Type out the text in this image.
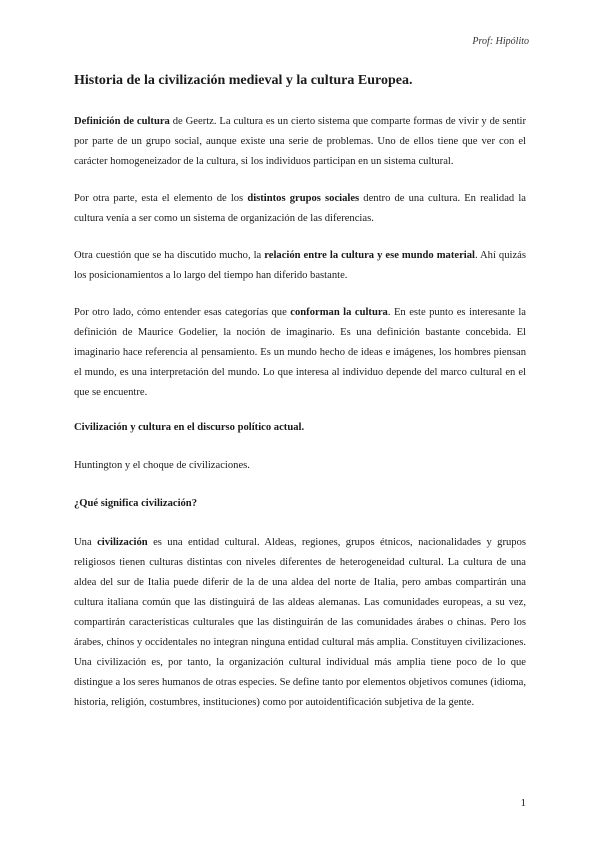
Prof: Hipólito
Historia de la civilización medieval y la cultura Europea.

Definición de cultura de Geertz. La cultura es un cierto sistema que comparte formas de vivir y de sentir por parte de un grupo social, aunque existe una serie de problemas. Uno de ellos tiene que ver con el carácter homogeneizador de la cultura, si los individuos participan en un sistema cultural.

Por otra parte, esta el elemento de los distintos grupos sociales dentro de una cultura. En realidad la cultura venía a ser como un sistema de organización de las diferencias.

Otra cuestión que se ha discutido mucho, la relación entre la cultura y ese mundo material. Ahí quizás los posicionamientos a lo largo del tiempo han diferido bastante.

Por otro lado, cómo entender esas categorías que conforman la cultura. En este punto es interesante la definición de Maurice Godelier, la noción de imaginario. Es una definición bastante concebida. El imaginario hace referencia al pensamiento. Es un mundo hecho de ideas e imágenes, los hombres piensan el mundo, es una interpretación del mundo. Lo que interesa al individuo depende del marco cultural en el que se encuentre.

Civilización y cultura en el discurso político actual.

Huntington y el choque de civilizaciones.

¿Qué significa civilización?

Una civilización es una entidad cultural. Aldeas, regiones, grupos étnicos, nacionalidades y grupos religiosos tienen culturas distintas con niveles diferentes de heterogeneidad cultural. La cultura de una aldea del sur de Italia puede diferir de la de una aldea del norte de Italia, pero ambas compartirán una cultura italiana común que las distinguirá de las aldeas alemanas. Las comunidades europeas, a su vez, compartirán características culturales que las distinguirán de las comunidades árabes o chinas. Pero los árabes, chinos y occidentales no integran ninguna entidad cultural más amplia. Constituyen civilizaciones. Una civilización es, por tanto, la organización cultural individual más amplia tiene poco de lo que distingue a los seres humanos de otras especies. Se define tanto por elementos objetivos comunes (idioma, historia, religión, costumbres, instituciones) como por autoidentificación subjetiva de la gente.

1
